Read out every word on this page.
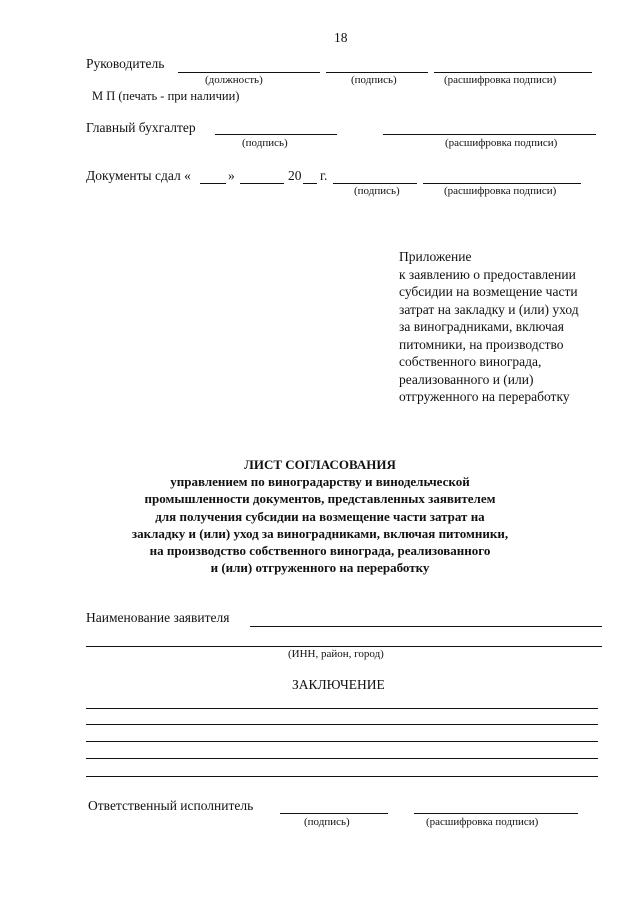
18
Руководитель
(должность)	(подпись)	(расшифровка подписи)
М П (печать - при наличии)
Главный бухгалтер
(подпись)	(расшифровка подписи)
Документы сдал «	»	20 г.
(подпись)	(расшифровка подписи)
Приложение
к заявлению о предоставлении
субсидии на возмещение части
затрат на закладку и (или) уход
за виноградниками, включая
питомники, на производство
собственного винограда,
реализованного и (или)
отгруженного на переработку
ЛИСТ СОГЛАСОВАНИЯ
управлением по виноградарству и винодельческой
промышленности документов, представленных заявителем
для получения субсидии на возмещение части затрат на
закладку и (или) уход за виноградниками, включая питомники,
на производство собственного винограда, реализованного
и (или) отгруженного на переработку
Наименование заявителя
(ИНН, район, город)
ЗАКЛЮЧЕНИЕ
Ответственный исполнитель
(подпись)	(расшифровка подписи)
